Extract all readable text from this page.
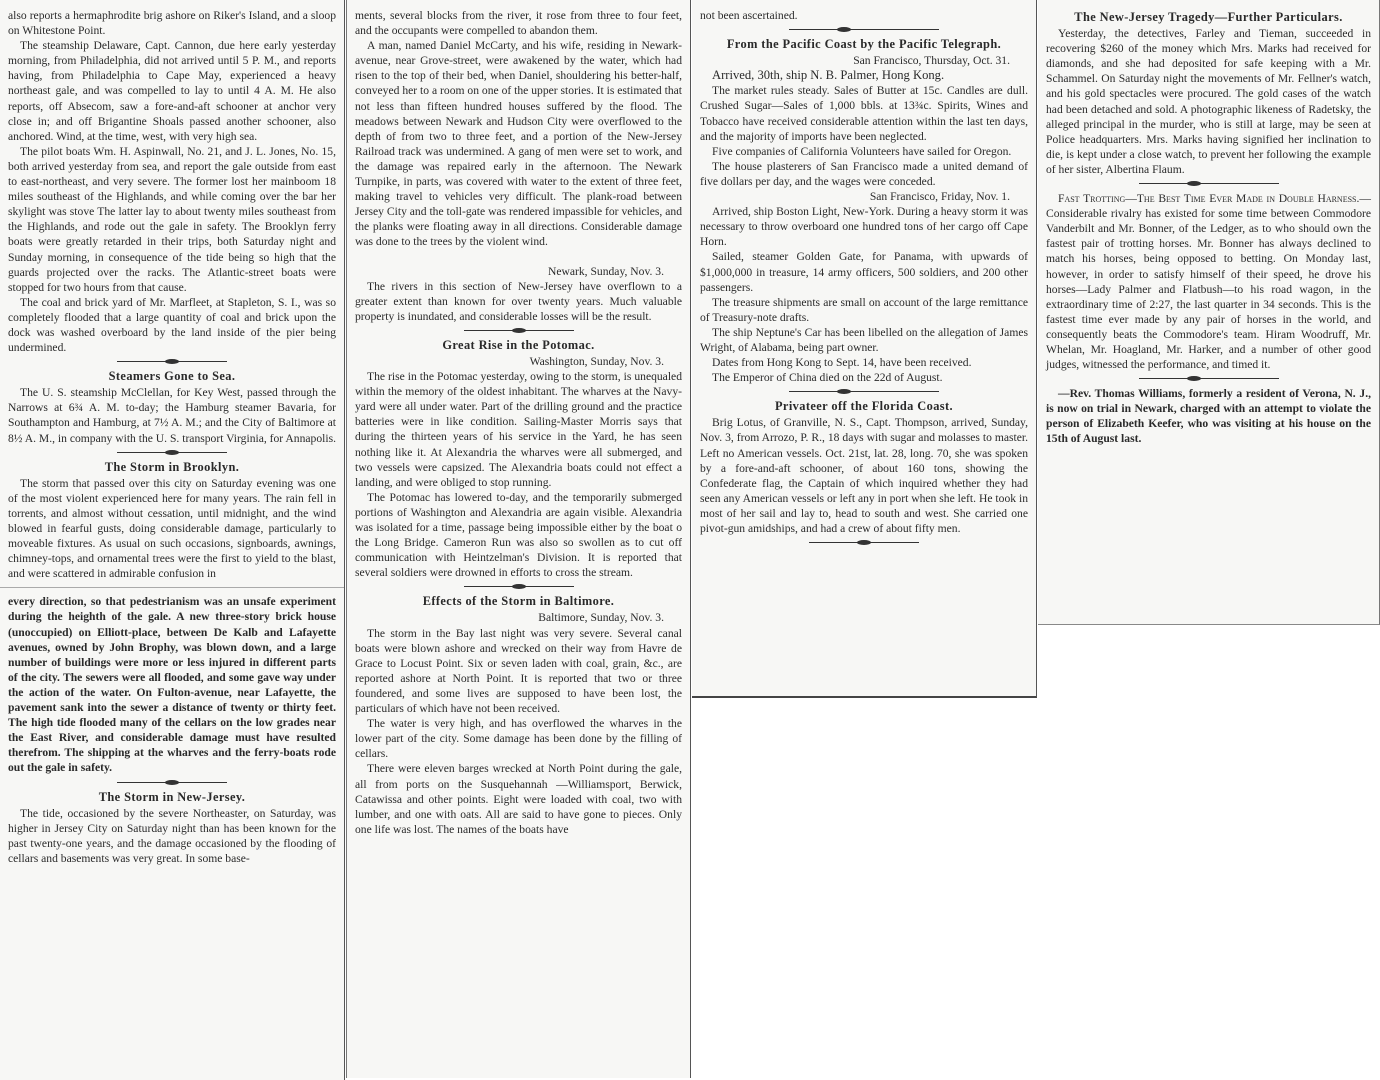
also reports a hermaphrodite brig ashore on Riker's Island, and a sloop on Whitestone Point.

The steamship Delaware, Capt. Cannon, due here early yesterday morning, from Philadelphia, did not arrived until 5 P. M., and reports having, from Philadelphia to Cape May, experienced a heavy northeast gale, and was compelled to lay to until 4 A. M. He also reports, off Absecom, saw a fore-and-aft schooner at anchor very close in; and off Brigantine Shoals passed another schooner, also anchored. Wind, at the time, west, with very high sea.

The pilot boats Wm. H. Aspinwall, No. 21, and J. L. Jones, No. 15, both arrived yesterday from sea, and report the gale outside from east to east-northeast, and very severe. The former lost her mainboom 18 miles southeast of the Highlands, and while coming over the bar her skylight was stove The latter lay to about twenty miles southeast from the Highlands, and rode out the gale in safety. The Brooklyn ferry boats were greatly retarded in their trips, both Saturday night and Sunday morning, in consequence of the tide being so high that the guards projected over the racks. The Atlantic-street boats were stopped for two hours from that cause.

The coal and brick yard of Mr. Marfleet, at Stapleton, S. I., was so completely flooded that a large quantity of coal and brick upon the dock was washed overboard by the land inside of the pier being undermined.

Steamers Gone to Sea.

The U. S. steamship McClellan, for Key West, passed through the Narrows at 6¾ A. M. to-day; the Hamburg steamer Bavaria, for Southampton and Hamburg, at 7½ A. M.; and the City of Baltimore at 8½ A. M., in company with the U. S. transport Virginia, for Annapolis.

The Storm in Brooklyn.

The storm that passed over this city on Saturday evening was one of the most violent experienced here for many years. The rain fell in torrents, and almost without cessation, until midnight, and the wind blowed in fearful gusts, doing considerable damage, particularly to moveable fixtures. As usual on such occasions, signboards, awnings, chimney-tops, and ornamental trees were the first to yield to the blast, and were scattered in admirable confusion in

every direction, so that pedestrianism was an unsafe experiment during the heighth of the gale. A new three-story brick house (unoccupied) on Elliott-place, between De Kalb and Lafayette avenues, owned by John Brophy, was blown down, and a large number of buildings were more or less injured in different parts of the city. The sewers were all flooded, and some gave way under the action of the water. On Fulton-avenue, near Lafayette, the pavement sank into the sewer a distance of twenty or thirty feet. The high tide flooded many of the cellars on the low grades near the East River, and considerable damage must have resulted therefrom. The shipping at the wharves and the ferry-boats rode out the gale in safety.

The Storm in New-Jersey.

The tide, occasioned by the severe Northeaster, on Saturday, was higher in Jersey City on Saturday night than has been known for the past twenty-one years, and the damage occasioned by the flooding of cellars and basements was very great. In some base-

ments, several blocks from the river, it rose from three to four feet, and the occupants were compelled to abandon them.

A man, named Daniel McCarty, and his wife, residing in Newark-avenue, near Grove-street, were awakened by the water, which had risen to the top of their bed, when Daniel, shouldering his better-half, conveyed her to a room on one of the upper stories. It is estimated that not less than fifteen hundred houses suffered by the flood. The meadows between Newark and Hudson City were overflowed to the depth of from two to three feet, and a portion of the New-Jersey Railroad track was undermined. A gang of men were set to work, and the damage was repaired early in the afternoon. The Newark Turnpike, in parts, was covered with water to the extent of three feet, making travel to vehicles very difficult. The plank-road between Jersey City and the toll-gate was rendered impassible for vehicles, and the planks were floating away in all directions. Considerable damage was done to the trees by the violent wind.

Newark, Sunday, Nov. 3.

The rivers in this section of New-Jersey have overflown to a greater extent than known for over twenty years. Much valuable property is inundated, and considerable losses will be the result.

Great Rise in the Potomac.
Washington, Sunday, Nov. 3.

The rise in the Potomac yesterday, owing to the storm, is unequaled within the memory of the oldest inhabitant. The wharves at the Navy-yard were all under water. Part of the drilling ground and the practice batteries were in like condition. Sailing-Master Morris says that during the thirteen years of his service in the Yard, he has seen nothing like it. At Alexandria the wharves were all submerged, and two vessels were capsized. The Alexandria boats could not effect a landing, and were obliged to stop running.

The Potomac has lowered to-day, and the temporarily submerged portions of Washington and Alexandria are again visible. Alexandria was isolated for a time, passage being impossible either by the boat o the Long Bridge. Cameron Run was also so swollen as to cut off communication with Heintzelman's Division. It is reported that several soldiers were drowned in efforts to cross the stream.

Effects of the Storm in Baltimore.
Baltimore, Sunday, Nov. 3.

The storm in the Bay last night was very severe. Several canal boats were blown ashore and wrecked on their way from Havre de Grace to Locust Point. Six or seven laden with coal, grain, &c., are reported ashore at North Point. It is reported that two or three foundered, and some lives are supposed to have been lost, the particulars of which have not been received.

The water is very high, and has overflowed the wharves in the lower part of the city. Some damage has been done by the filling of cellars.

There were eleven barges wrecked at North Point during the gale, all from ports on the Susquehannah —Williamsport, Berwick, Catawissa and other points. Eight were loaded with coal, two with lumber, and one with oats. All are said to have gone to pieces. Only one life was lost. The names of the boats have

not been ascertained.

From the Pacific Coast by the Pacific Telegraph.
San Francisco, Thursday, Oct. 31.

Arrived, 30th, ship N. B. Palmer, Hong Kong.

The market rules steady. Sales of Butter at 15c. Candles are dull. Crushed Sugar—Sales of 1,000 bbls. at 13¾c. Spirits, Wines and Tobacco have received considerable attention within the last ten days, and the majority of imports have been neglected.

Five companies of California Volunteers have sailed for Oregon.

The house plasterers of San Francisco made a united demand of five dollars per day, and the wages were conceded.

San Francisco, Friday, Nov. 1.

Arrived, ship Boston Light, New-York. During a heavy storm it was necessary to throw overboard one hundred tons of her cargo off Cape Horn.

Sailed, steamer Golden Gate, for Panama, with upwards of $1,000,000 in treasure, 14 army officers, 500 soldiers, and 200 other passengers.

The treasure shipments are small on account of the large remittance of Treasury-note drafts.

The ship Neptune's Car has been libelled on the allegation of James Wright, of Alabama, being part owner.

Dates from Hong Kong to Sept. 14, have been received.

The Emperor of China died on the 22d of August.

Privateer off the Florida Coast.

Brig Lotus, of Granville, N. S., Capt. Thompson, arrived, Sunday, Nov. 3, from Arrozo, P. R., 18 days with sugar and molasses to master. Left no American vessels. Oct. 21st, lat. 28, long. 70, she was spoken by a fore-and-aft schooner, of about 160 tons, showing the Confederate flag, the Captain of which inquired whether they had seen any American vessels or left any in port when she left. He took in most of her sail and lay to, head to south and west. She carried one pivot-gun amidships, and had a crew of about fifty men.

The New-Jersey Tragedy—Further Particulars.

Yesterday, the detectives, Farley and Tieman, succeeded in recovering $260 of the money which Mrs. Marks had received for diamonds, and she had deposited for safe keeping with a Mr. Schammel. On Saturday night the movements of Mr. Fellner's watch, and his gold spectacles were procured. The gold cases of the watch had been detached and sold. A photographic likeness of Radetsky, the alleged principal in the murder, who is still at large, may be seen at Police headquarters. Mrs. Marks having signified her inclination to die, is kept under a close watch, to prevent her following the example of her sister, Albertina Flaum.

Fast Trotting—The Best Time Ever Made in Double Harness.—Considerable rivalry has existed for some time between Commodore Vanderbilt and Mr. Bonner, of the Ledger, as to who should own the fastest pair of trotting horses. Mr. Bonner has always declined to match his horses, being opposed to betting. On Monday last, however, in order to satisfy himself of their speed, he drove his horses—Lady Palmer and Flatbush—to his road wagon, in the extraordinary time of 2:27, the last quarter in 34 seconds. This is the fastest time ever made by any pair of horses in the world, and consequently beats the Commodore's team. Hiram Woodruff, Mr. Whelan, Mr. Hoagland, Mr. Harker, and a number of other good judges, witnessed the performance, and timed it.

—Rev. Thomas Williams, formerly a resident of Verona, N. J., is now on trial in Newark, charged with an attempt to violate the person of Elizabeth Keefer, who was visiting at his house on the 15th of August last.
